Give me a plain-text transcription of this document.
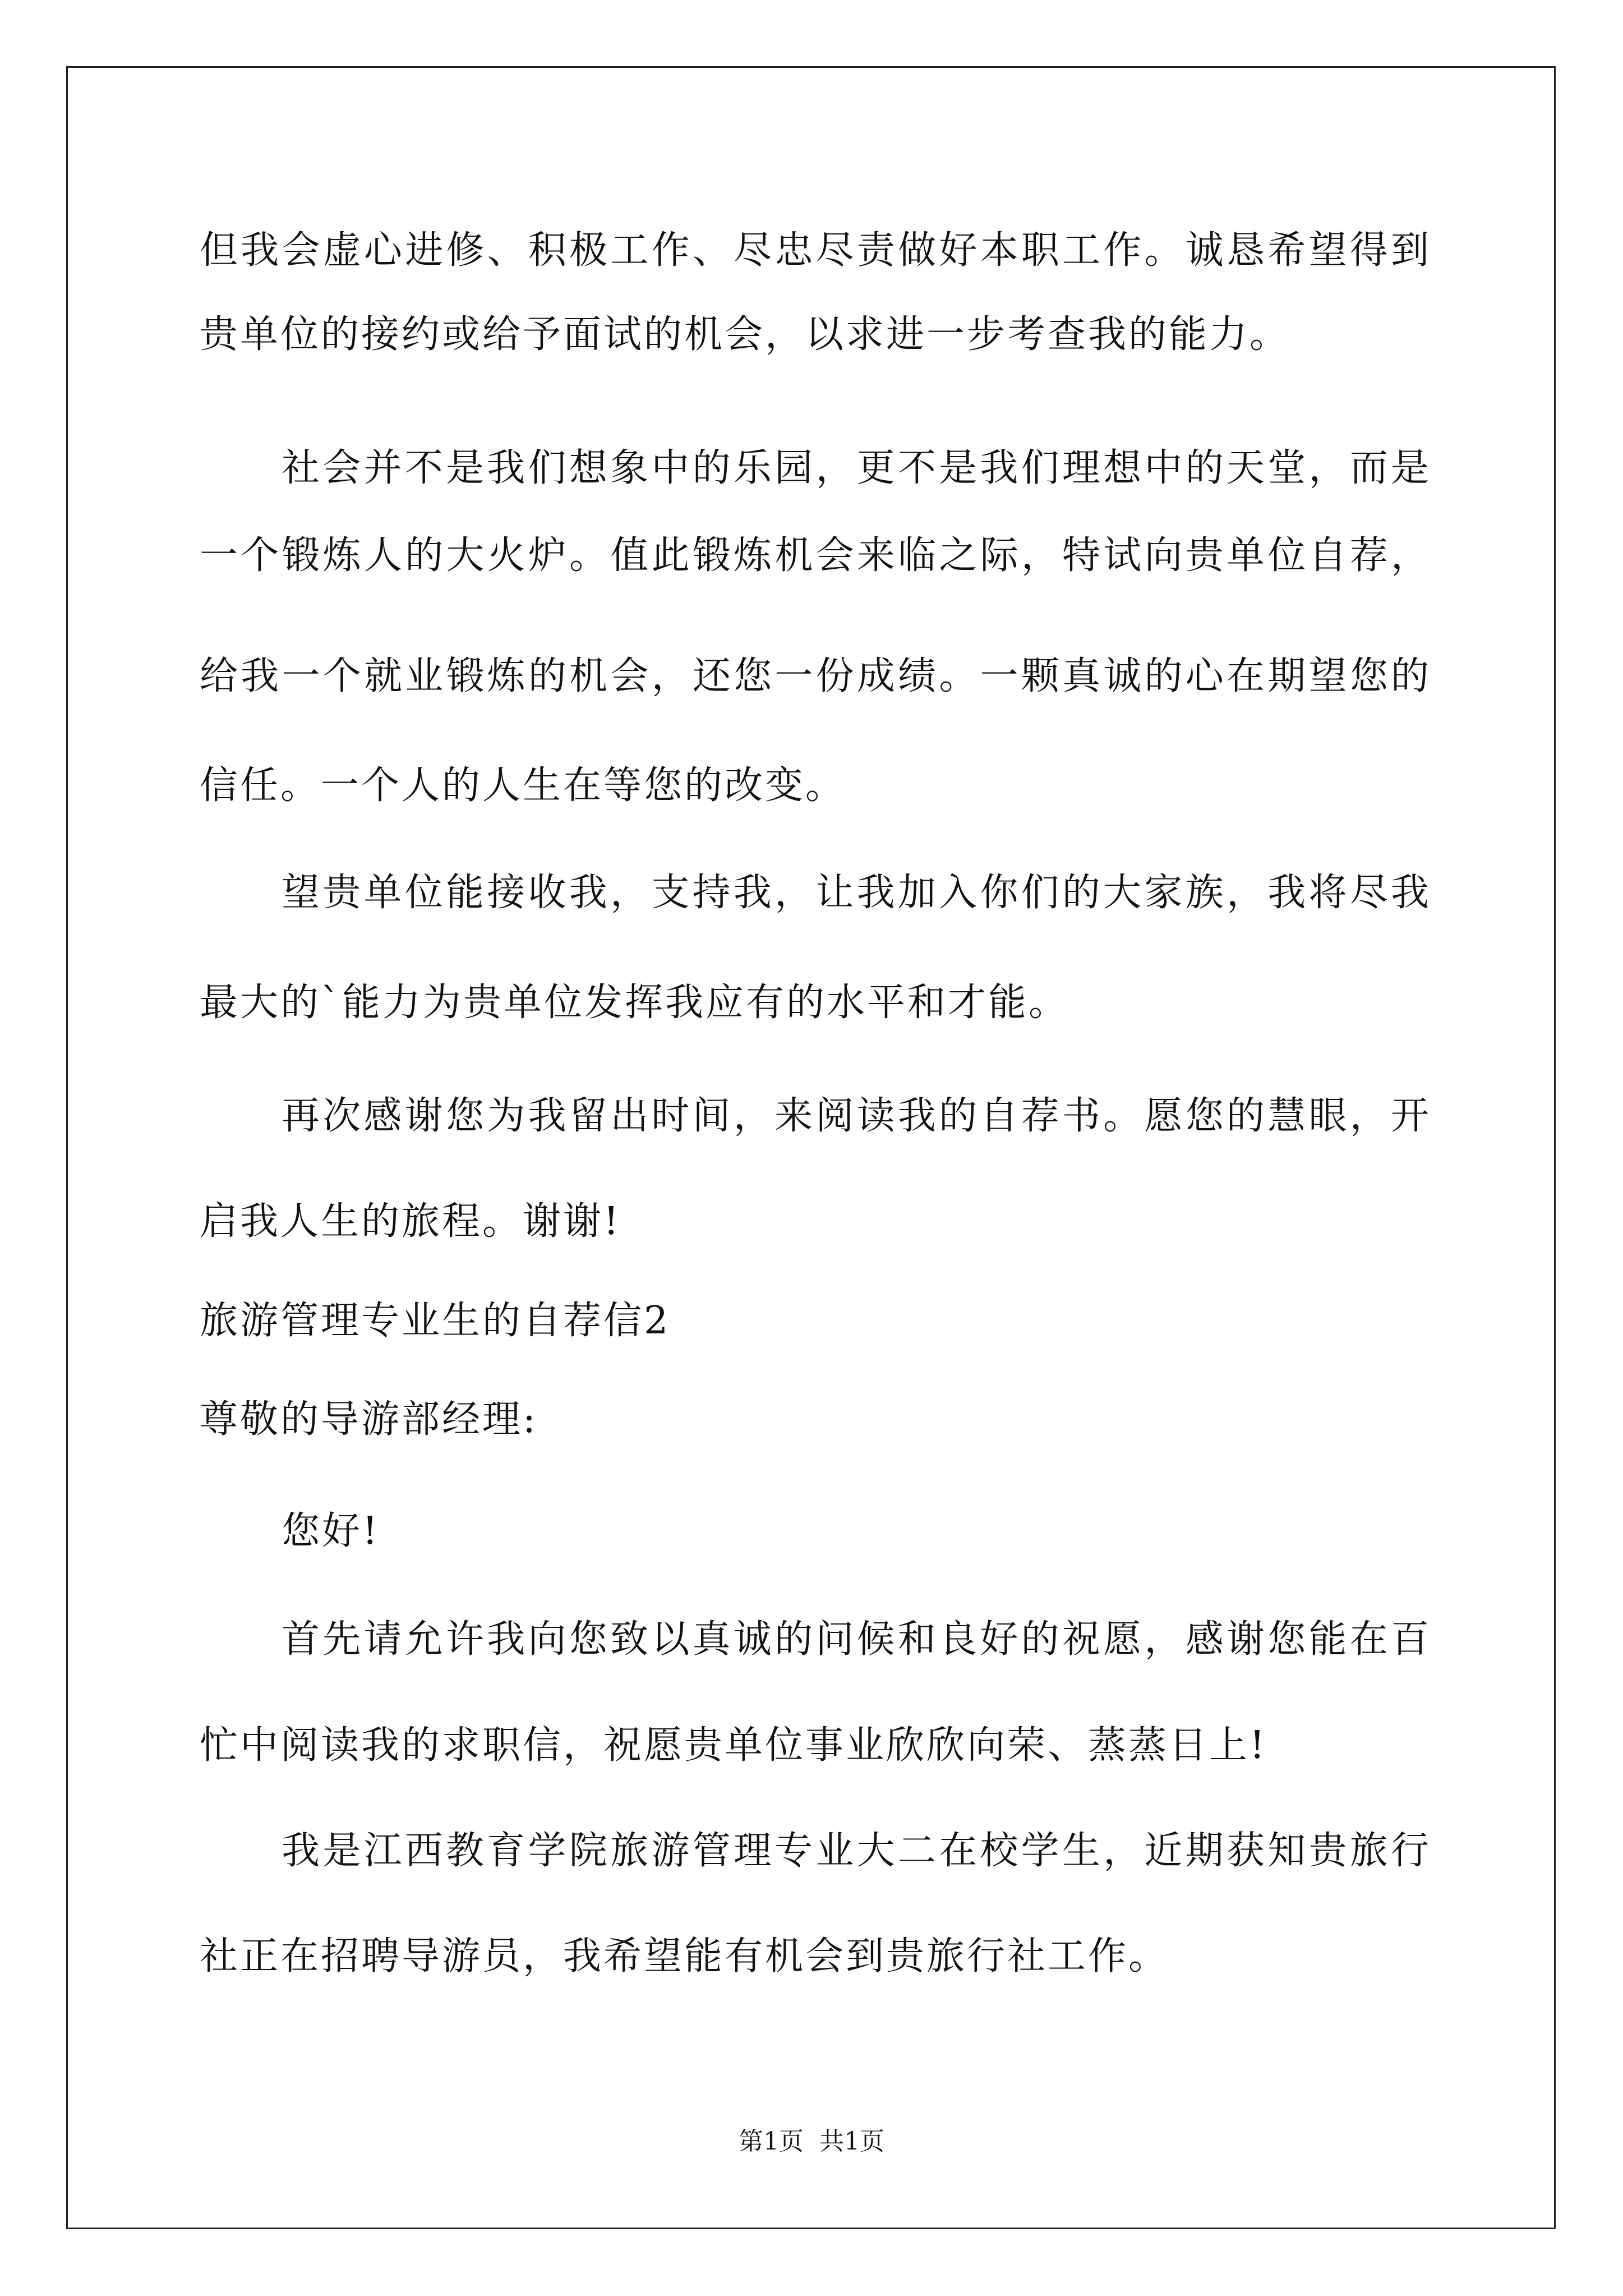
但我会虚心进修、积极工作、尽忠尽责做好本职工作。诚恳希望得到
贵单位的接约或给予面试的机会，以求进一步考查我的能力。
社会并不是我们想象中的乐园，更不是我们理想中的天堂，而是
一个锻炼人的大火炉。值此锻炼机会来临之际，特试向贵单位自荐，
给我一个就业锻炼的机会，还您一份成绩。一颗真诚的心在期望您的
信任。一个人的人生在等您的改变。
望贵单位能接收我，支持我，让我加入你们的大家族，我将尽我
最大的`能力为贵单位发挥我应有的水平和才能。
再次感谢您为我留出时间，来阅读我的自荐书。愿您的慧眼，开
启我人生的旅程。谢谢!
旅游管理专业生的自荐信2
尊敬的导游部经理:
您好!
首先请允许我向您致以真诚的问候和良好的祝愿，感谢您能在百
忙中阅读我的求职信，祝愿贵单位事业欣欣向荣、蒸蒸日上!
我是江西教育学院旅游管理专业大二在校学生，近期获知贵旅行
社正在招聘导游员，我希望能有机会到贵旅行社工作。
第1页  共1页
